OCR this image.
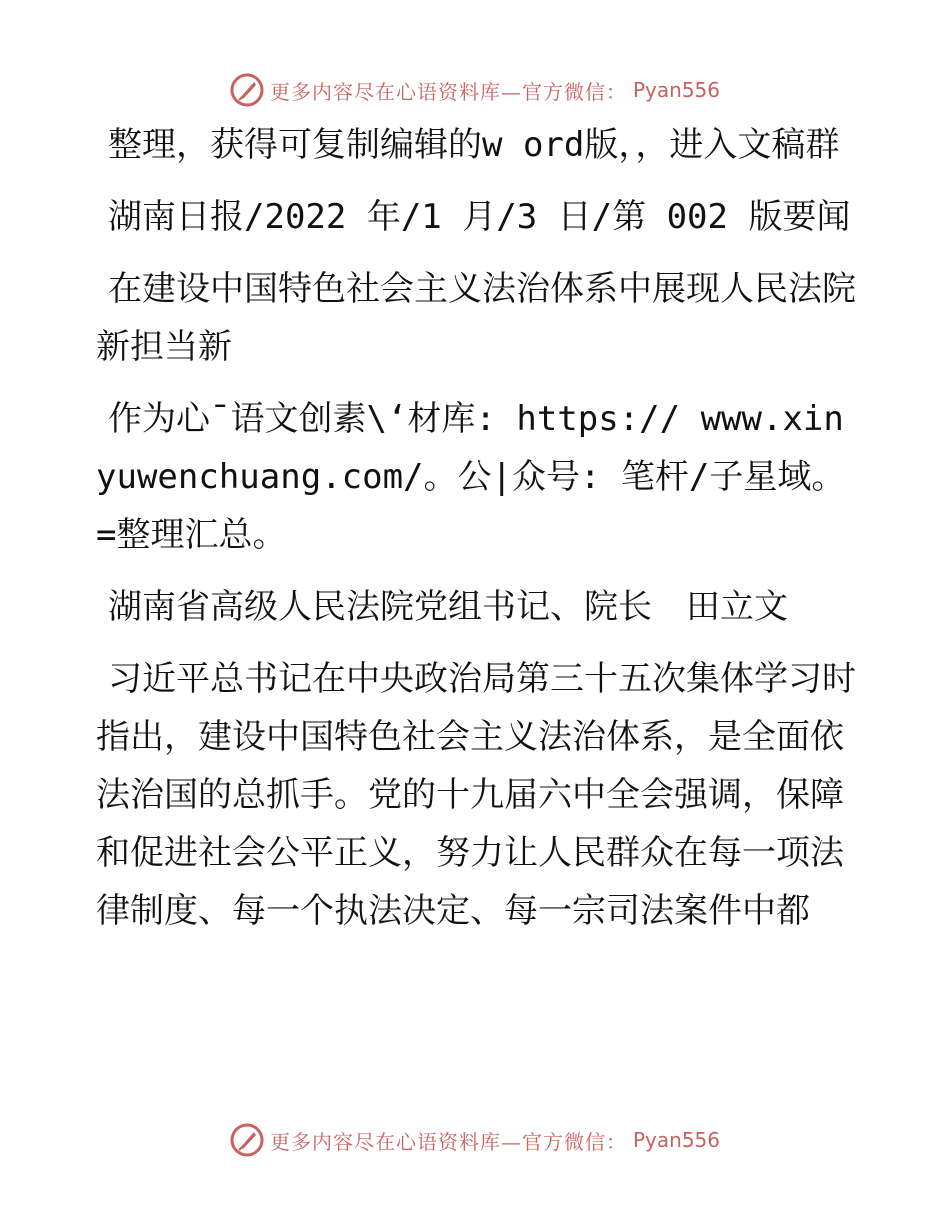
更多内容尽在心语资料库—官方微信： Pyan556

整理，获得可复制编辑的w ord版，，进入文稿群

湖南日报/2022 年/1 月/3 日/第 002 版要闻

在建设中国特色社会主义法治体系中展现人民法院新担当新

作为心¯语文创素\‘材库: https:// www.xinyuwenchuang.com/。公|众号: 笔杆/子星域。=整理汇总。

湖南省高级人民法院党组书记、院长　田立文

习近平总书记在中央政治局第三十五次集体学习时指出，建设中国特色社会主义法治体系，是全面依法治国的总抓手。党的十九届六中全会强调，保障和促进社会公平正义，努力让人民群众在每一项法律制度、每一个执法决定、每一宗司法案件中都

更多内容尽在心语资料库—官方微信： Pyan556
